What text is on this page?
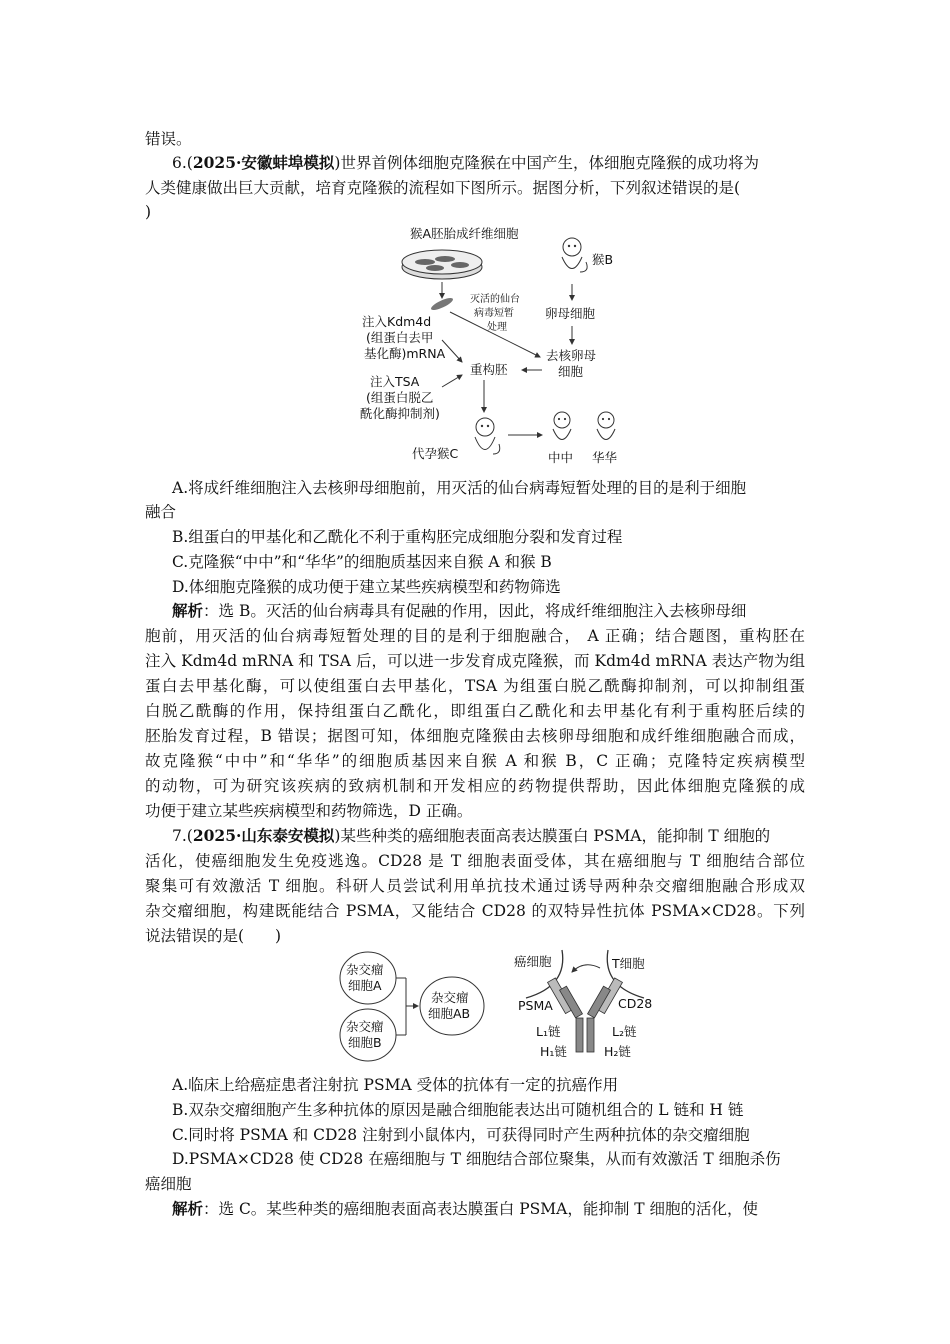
错误。
6.(2025·安徽蚌埠模拟)世界首例体细胞克隆猴在中国产生，体细胞克隆猴的成功将为
人类健康做出巨大贡献，培育克隆猴的流程如下图所示。据图分析，下列叙述错误的是(
)
猴A胚胎成纤维细胞
灭活的仙台
病毒短暂
处理
猴B
卵母细胞
去核卵母
细胞
注入Kdm4d
(组蛋白去甲
基化酶)mRNA
重构胚
注入TSA
(组蛋白脱乙
酰化酶抑制剂)
代孕猴C	中中 华华
A.将成纤维细胞注入去核卵母细胞前，用灭活的仙台病毒短暂处理的目的是利于细胞
融合
B.组蛋白的甲基化和乙酰化不利于重构胚完成细胞分裂和发育过程
C.克隆猴“中中”和“华华”的细胞质基因来自猴 A 和猴 B
D.体细胞克隆猴的成功便于建立某些疾病模型和药物筛选
解析：选 B。灭活的仙台病毒具有促融的作用，因此，将成纤维细胞注入去核卵母细
胞前，用灭活的仙台病毒短暂处理的目的是利于细胞融合， A 正确；结合题图，重构胚在
注入 Kdm4d mRNA 和 TSA 后，可以进一步发育成克隆猴，而 Kdm4d mRNA 表达产物为组
蛋白去甲基化酶，可以使组蛋白去甲基化，TSA 为组蛋白脱乙酰酶抑制剂，可以抑制组蛋
白脱乙酰酶的作用，保持组蛋白乙酰化，即组蛋白乙酰化和去甲基化有利于重构胚后续的
胚胎发育过程，B 错误；据图可知，体细胞克隆猴由去核卵母细胞和成纤维细胞融合而成，
故克隆猴“中中”和“华华”的细胞质基因来自猴 A 和猴 B，C 正确；克隆特定疾病模型
的动物，可为研究该疾病的致病机制和开发相应的药物提供帮助，因此体细胞克隆猴的成
功便于建立某些疾病模型和药物筛选，D 正确。
7.(2025·山东泰安模拟)某些种类的癌细胞表面高表达膜蛋白 PSMA，能抑制 T 细胞的
活化，使癌细胞发生免疫逃逸。CD28 是 T 细胞表面受体，其在癌细胞与 T 细胞结合部位
聚集可有效激活 T 细胞。科研人员尝试利用单抗技术通过诱导两种杂交瘤细胞融合形成双
杂交瘤细胞，构建既能结合 PSMA，又能结合 CD28 的双特异性抗体 PSMA×CD28。下列
说法错误的是(　　)
杂交瘤
细胞A
杂交瘤
细胞B
杂交瘤
细胞AB
癌细胞	T细胞
PSMA	CD28
L₁链	L₂链
H₁链	H₂链
A.临床上给癌症患者注射抗 PSMA 受体的抗体有一定的抗癌作用
B.双杂交瘤细胞产生多种抗体的原因是融合细胞能表达出可随机组合的 L 链和 H 链
C.同时将 PSMA 和 CD28 注射到小鼠体内，可获得同时产生两种抗体的杂交瘤细胞
D.PSMA×CD28 使 CD28 在癌细胞与 T 细胞结合部位聚集，从而有效激活 T 细胞杀伤
癌细胞
解析：选 C。某些种类的癌细胞表面高表达膜蛋白 PSMA，能抑制 T 细胞的活化，使
